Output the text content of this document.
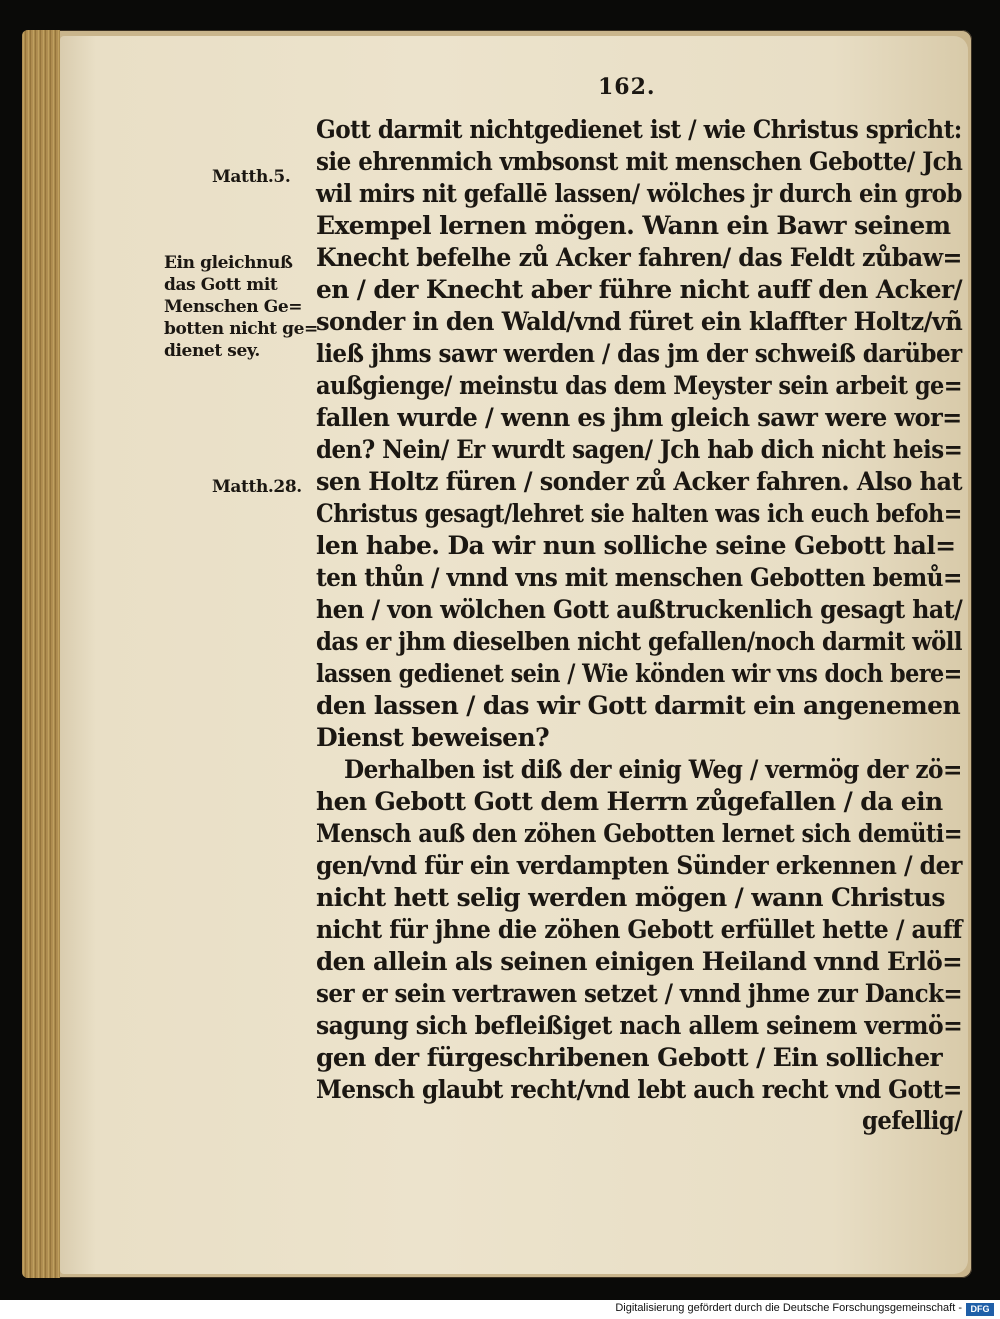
162.
Matth.5.
Ein gleichnuß
das Gott mit
Menschen Ge=
botten nicht ge=
dienet sey.
Matth.28.
Gott darmit nichtgedienet ist / wie Christus spricht:
sie ehrenmich vmbsonst mit menschen Gebotte/ Jch
wil mirs nit gefallē lassen/ wölches jr durch ein grob
Exempel lernen mögen. Wann ein Bawr seinem
Knecht befelhe zů Acker fahren/ das Feldt zůbaw=
en / der Knecht aber führe nicht auff den Acker/
sonder in den Wald/vnd füret ein klaffter Holtz/vñ
ließ jhms sawr werden / das jm der schweiß darüber
außgienge/ meinstu das dem Meyster sein arbeit ge=
fallen wurde / wenn es jhm gleich sawr were wor=
den? Nein/ Er wurdt sagen/ Jch hab dich nicht heis=
sen Holtz füren / sonder zů Acker fahren. Also hat
Christus gesagt/lehret sie halten was ich euch befoh=
len habe. Da wir nun solliche seine Gebott hal=
ten thůn / vnnd vns mit menschen Gebotten bemů=
hen / von wölchen Gott außtruckenlich gesagt hat/
das er jhm dieselben nicht gefallen/noch darmit wöll
lassen gedienet sein / Wie könden wir vns doch bere=
den lassen / das wir Gott darmit ein angenemen
Dienst beweisen?
Derhalben ist diß der einig Weg / vermög der zö=
hen Gebott Gott dem Herrn zůgefallen / da ein
Mensch auß den zöhen Gebotten lernet sich demüti=
gen/vnd für ein verdampten Sünder erkennen / der
nicht hett selig werden mögen / wann Christus
nicht für jhne die zöhen Gebott erfüllet hette / auff
den allein als seinen einigen Heiland vnnd Erlö=
ser er sein vertrawen setzet / vnnd jhme zur Danck=
sagung sich befleißiget nach allem seinem vermö=
gen der fürgeschribenen Gebott / Ein sollicher
Mensch glaubt recht/vnd lebt auch recht vnd Gott=
gefellig/
Digitalisierung gefördert durch die Deutsche Forschungsgemeinschaft - DFG
